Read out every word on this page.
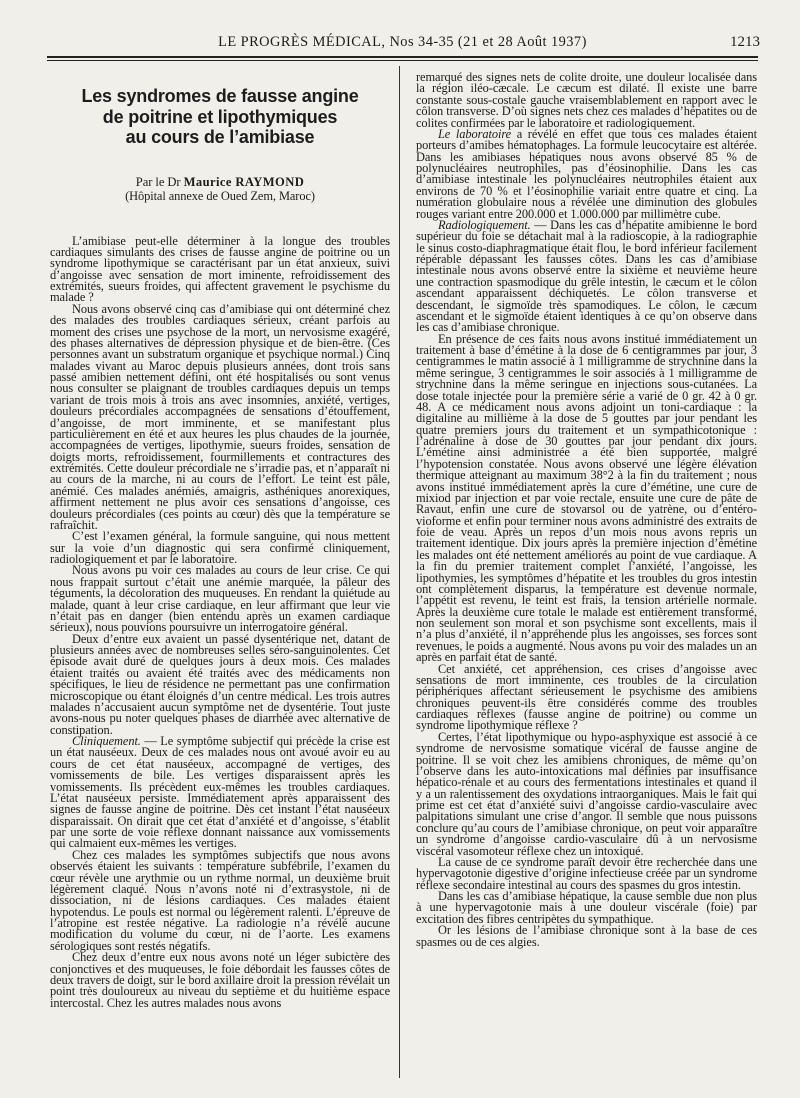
LE PROGRÈS MÉDICAL, Nos 34-35 (21 et 28 Août 1937)	1213
Les syndromes de fausse angine
de poitrine et lipothymiques
au cours de l’amibiase
Par le Dr Maurice RAYMOND
(Hôpital annexe de Oued Zem, Maroc)

L’amibiase peut-elle déterminer à la longue des troubles cardiaques simulants des crises de fausse angine de poitrine ou un syndrome lipothymique se caractérisant par un état anxieux, suivi d’angoisse avec sensation de mort iminente, refroidissement des extrémités, sueurs froides, qui affectent gravement le psychisme du malade ?

Nous avons observé cinq cas d’amibiase qui ont déterminé chez des malades des troubles cardiaques sérieux, créant parfois au moment des crises une psychose de la mort, un nervosisme exagéré, des phases alternatives de dépression physique et de bien-être. (Ces personnes avant un substratum organique et psychique normal.) Cinq malades vivant au Maroc depuis plusieurs années, dont trois sans passé amibien nettement défini, ont été hospitalisés ou sont venus nous consulter se plaignant de troubles cardiaques depuis un temps variant de trois mois à trois ans avec insomnies, anxiété, vertiges, douleurs précordiales accompagnées de sensations d’étouffement, d’angoisse, de mort imminente, et se manifestant plus particulièrement en été et aux heures les plus chaudes de la journée, accompagnées de vertiges, lipothymie, sueurs froides, sensation de doigts morts, refroidissement, fourmillements et contractures des extrémités. Cette douleur précordiale ne s’irradie pas, et n’apparaît ni au cours de la marche, ni au cours de l’effort. Le teint est pâle, anémié. Ces malades anémiés, amaigris, asthéniques anorexiques, affirment nettement ne plus avoir ces sensations d’angoisse, ces douleurs précordiales (ces points au cœur) dès que la température se rafraîchit.

C’est l’examen général, la formule sanguine, qui nous mettent sur la voie d’un diagnostic qui sera confirmé cliniquement, radiologiquement et par le laboratoire.

Nous avons pu voir ces malades au cours de leur crise. Ce qui nous frappait surtout c’était une anémie marquée, la pâleur des téguments, la décoloration des muqueuses. En rendant la quiétude au malade, quant à leur crise cardiaque, en leur affirmant que leur vie n’était pas en danger (bien entendu après un examen cardiaque sérieux), nous pouvions poursuivre un interrogatoire général.

Deux d’entre eux avaient un passé dysentérique net, datant de plusieurs années avec de nombreuses selles séro-sanguinolentes. Cet épisode avait duré de quelques jours à deux mois. Ces malades étaient traités ou avaient été traités avec des médicaments non spécifiques, le lieu de résidence ne permettant pas une confirmation microscopique ou étant éloignés d’un centre médical. Les trois autres malades n’accusaient aucun symptôme net de dysentérie. Tout juste avons-nous pu noter quelques phases de diarrhée avec alternative de constipation.

Cliniquement. — Le symptôme subjectif qui précède la crise est un état nauséeux. Deux de ces malades nous ont avoué avoir eu au cours de cet état nauséeux, accompagné de vertiges, des vomissements de bile. Les vertiges disparaissent après les vomissements. Ils précèdent eux-mêmes les troubles cardiaques. L’état nauséeux persiste. Immédiatement après apparaissent des signes de fausse angine de poitrine. Dès cet instant l’état nauséeux disparaissait. On dirait que cet état d’anxiété et d’angoisse, s’établit par une sorte de voie réflexe donnant naissance aux vomissements qui calmaient eux-mêmes les vertiges.

Chez ces malades les symptômes subjectifs que nous avons observés étaient les suivants : température subfébrile, l’examen du cœur révèle une arythmie ou un rythme normal, un deuxième bruit légèrement claqué. Nous n’avons noté ni d’extrasystole, ni de dissociation, ni de lésions cardiaques. Ces malades étaient hypotendus. Le pouls est normal ou légèrement ralenti. L’épreuve de l’atropine est restée négative. La radiologie n’a révélé aucune modification du volume du cœur, ni de l’aorte. Les examens sérologiques sont restés négatifs.

Chez deux d’entre eux nous avons noté un léger subictère des conjonctives et des muqueuses, le foie débordait les fausses côtes de deux travers de doigt, sur le bord axillaire droit la pression révélait un point très douloureux au niveau du septième et du huitième espace intercostal. Chez les autres malades nous avons

remarqué des signes nets de colite droite, une douleur localisée dans la région iléo-cæcale. Le cæcum est dilaté. Il existe une barre constante sous-costale gauche vraisemblablement en rapport avec le côlon transverse. D’où signes nets chez ces malades d’hépatites ou de colites confirmées par le laboratoire et radiologiquement.

Le laboratoire a révélé en effet que tous ces malades étaient porteurs d’amibes hématophages. La formule leucocytaire est altérée. Dans les amibiases hépatiques nous avons observé 85 % de polynucléaires neutrophiles, pas d’éosinophilie. Dans les cas d’amibiase intestinale les polynucléaires neutrophiles étaient aux environs de 70 % et l’éosinophilie variait entre quatre et cinq. La numération globulaire nous a révélée une diminution des globules rouges variant entre 200.000 et 1.000.000 par millimètre cube.

Radiologiquement. — Dans les cas d’hépatite amibienne le bord supérieur du foie se détachait mal à la radioscopie, à la radiographie le sinus costo-diaphragmatique était flou, le bord inférieur facilement répérable dépassant les fausses côtes. Dans les cas d’amibiase intestinale nous avons observé entre la sixième et neuvième heure une contraction spasmodique du grêle intestin, le cæcum et le côlon ascendant apparaissent déchiquetés. Le côlon transverse et descendant, le sigmoïde très spamodiques. Le côlon, le cæcum ascendant et le sigmoïde étaient identiques à ce qu’on observe dans les cas d’amibiase chronique.

En présence de ces faits nous avons institué immédiatement un traitement à base d’émétine à la dose de 6 centigrammes par jour, 3 centigrammes le matin associé à 1 milligramme de strychnine dans la même seringue, 3 centigrammes le soir associés à 1 milligramme de strychnine dans la même seringue en injections sous-cutanées. La dose totale injectée pour la première série a varié de 0 gr. 42 à 0 gr. 48. A ce médicament nous avons adjoint un toni-cardiaque : la digitaline au millième à la dose de 5 gouttes par jour pendant les quatre premiers jours du traitement et un sympathicotonique : l’adrénaline à dose de 30 gouttes par jour pendant dix jours. L’émétine ainsi administrée a été bien supportée, malgré l’hypotension constatée. Nous avons observé une légère élévation thermique atteignant au maximum 38°2 à la fin du traitement ; nous avons institué immédiatement après la cure d’émétine, une cure de mixiod par injection et par voie rectale, ensuite une cure de pâte de Ravaut, enfin une cure de stovarsol ou de yatrène, ou d’entéro-vioforme et enfin pour terminer nous avons administré des extraits de foie de veau. Après un repos d’un mois nous avons repris un traitement identique. Dix jours après la première injection d’émétine les malades ont été nettement améliorés au point de vue cardiaque. A la fin du premier traitement complet l’anxiété, l’angoisse, les lipothymies, les symptômes d’hépatite et les troubles du gros intestin ont complètement disparus, la température est devenue normale, l’appétit est revenu, le teint est frais, la tension artérielle normale. Après la deuxième cure totale le malade est entièrement transformé, non seulement son moral et son psychisme sont excellents, mais il n’a plus d’anxiété, il n’appréhende plus les angoisses, ses forces sont revenues, le poids a augmenté. Nous avons pu voir des malades un an après en parfait état de santé.

Cet anxiété, cet appréhension, ces crises d’angoisse avec sensations de mort imminente, ces troubles de la circulation périphériques affectant sérieusement le psychisme des amibiens chroniques peuvent-ils être considérés comme des troubles cardiaques réflexes (fausse angine de poitrine) ou comme un syndrome lipothymique réflexe ?

Certes, l’état lipothymique ou hypo-asphyxique est associé à ce syndrome de nervosisme somatique vicéral de fausse angine de poitrine. Il se voit chez les amibiens chroniques, de même qu’on l’observe dans les auto-intoxications mal définies par insuffisance hépatico-rénale et au cours des fermentations intestinales et quand il y a un ralentissement des oxydations intraorganiques. Mais le fait qui prime est cet état d’anxiété suivi d’angoisse cardio-vasculaire avec palpitations simulant une crise d’angor. Il semble que nous puissons conclure qu’au cours de l’amibiase chronique, on peut voir apparaître un syndrome d’angoisse cardio-vasculaire dû à un nervosisme viscéral vasomoteur réflexe chez un intoxiqué.

La cause de ce syndrome paraît devoir être recherchée dans une hypervagotonie digestive d’origine infectieuse créée par un syndrome réflexe secondaire intestinal au cours des spasmes du gros intestin.

Dans les cas d’amibiase hépatique, la cause semble due non plus à une hypervagotonie mais à une douleur viscérale (foie) par excitation des fibres centripètes du sympathique.

Or les lésions de l’amibiase chronique sont à la base de ces spasmes ou de ces algies.
